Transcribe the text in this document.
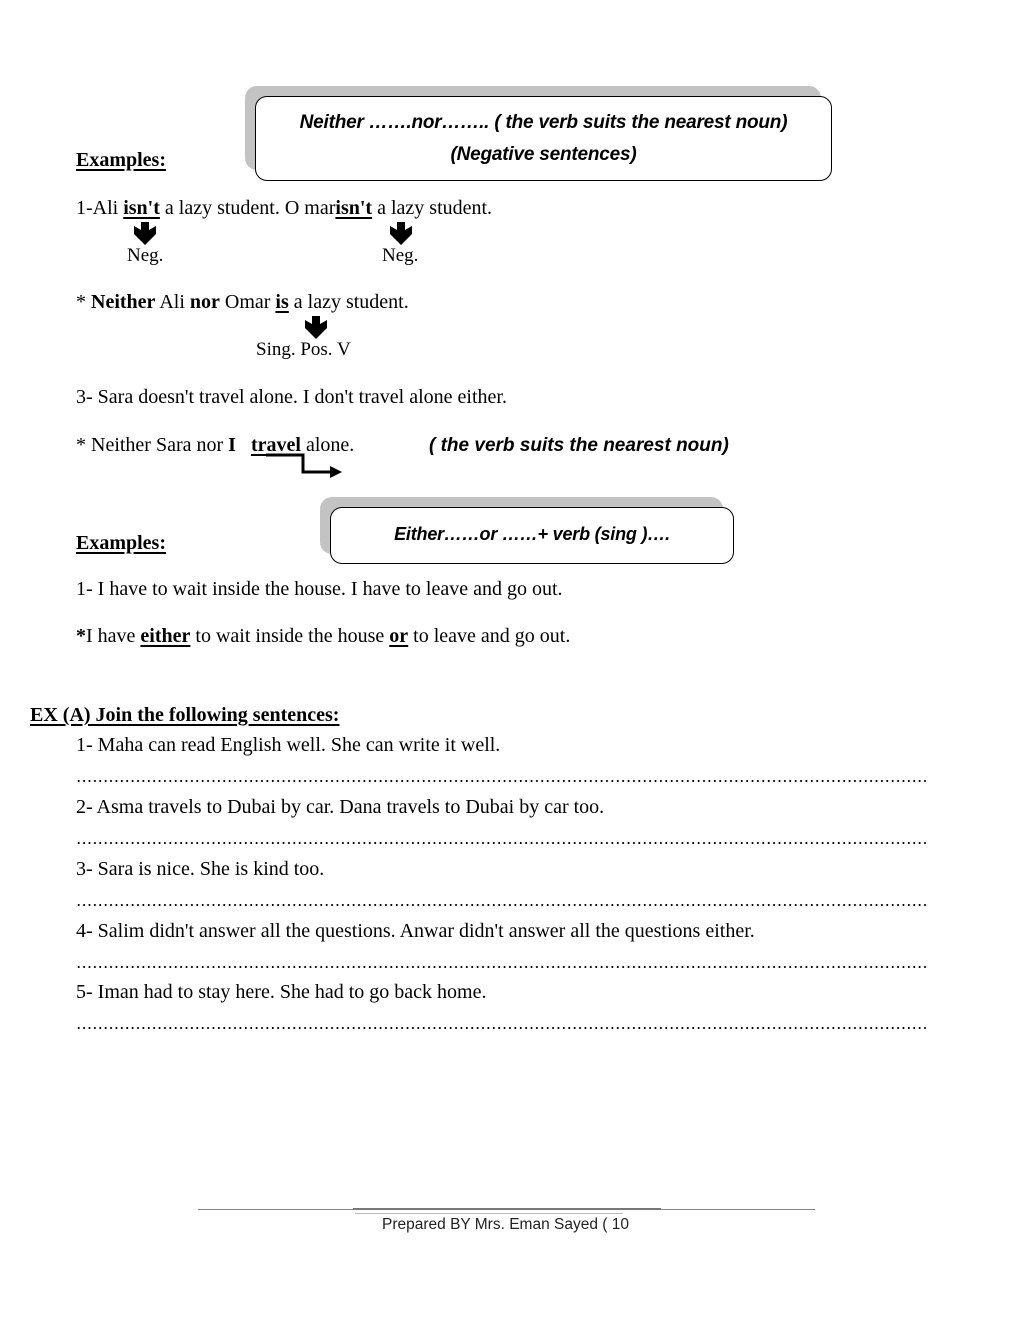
Neither …….nor…….. ( the verb suits the nearest noun)
(Negative sentences)
Examples:
1-Ali isn't a lazy student. O marisn't a lazy student.
Neg.	Neg.
* Neither Ali nor Omar is a lazy student.
Sing. Pos. V
3- Sara doesn't travel alone. I don't travel alone either.
* Neither Sara nor I travel alone.	( the verb suits the nearest noun)
Either……or ……+ verb (sing )….
Examples:
1- I have to wait inside the house. I have to leave and go out.
*I have either to wait inside the house or to leave and go out.
EX (A) Join the following sentences:
1- Maha can read English well. She can write it well.
2- Asma travels to Dubai by car. Dana travels to Dubai by car too.
3- Sara is nice. She is kind too.
4- Salim didn't answer all the questions. Anwar didn't answer all the questions either.
5- Iman had to stay here. She had to go back home.
Prepared BY Mrs. Eman Sayed ( 10
